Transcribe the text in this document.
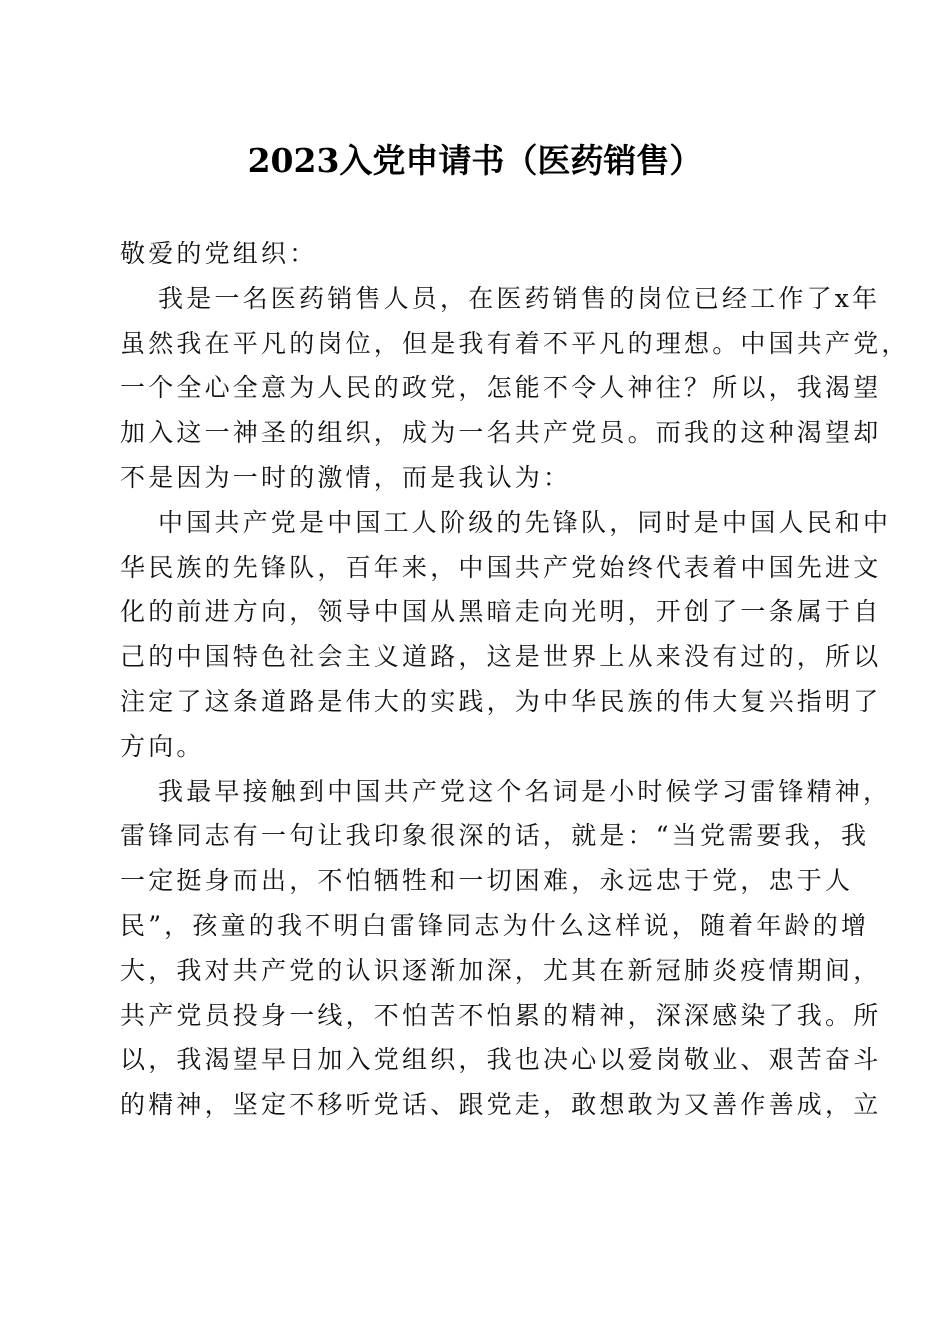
2023入党申请书（医药销售）
敬爱的党组织：
我是一名医药销售人员，在医药销售的岗位已经工作了x年
虽然我在平凡的岗位，但是我有着不平凡的理想。中国共产党，
一个全心全意为人民的政党，怎能不令人神往？所以，我渴望
加入这一神圣的组织，成为一名共产党员。而我的这种渴望却
不是因为一时的激情，而是我认为：
中国共产党是中国工人阶级的先锋队，同时是中国人民和中
华民族的先锋队，百年来，中国共产党始终代表着中国先进文
化的前进方向，领导中国从黑暗走向光明，开创了一条属于自
己的中国特色社会主义道路，这是世界上从来没有过的，所以
注定了这条道路是伟大的实践，为中华民族的伟大复兴指明了
方向。
我最早接触到中国共产党这个名词是小时候学习雷锋精神，
雷锋同志有一句让我印象很深的话，就是：“当党需要我，我
一定挺身而出，不怕牺牲和一切困难，永远忠于党，忠于人
民”，孩童的我不明白雷锋同志为什么这样说，随着年龄的增
大，我对共产党的认识逐渐加深，尤其在新冠肺炎疫情期间，
共产党员投身一线，不怕苦不怕累的精神，深深感染了我。所
以，我渴望早日加入党组织，我也决心以爱岗敬业、艰苦奋斗
的精神，坚定不移听党话、跟党走，敢想敢为又善作善成，立
